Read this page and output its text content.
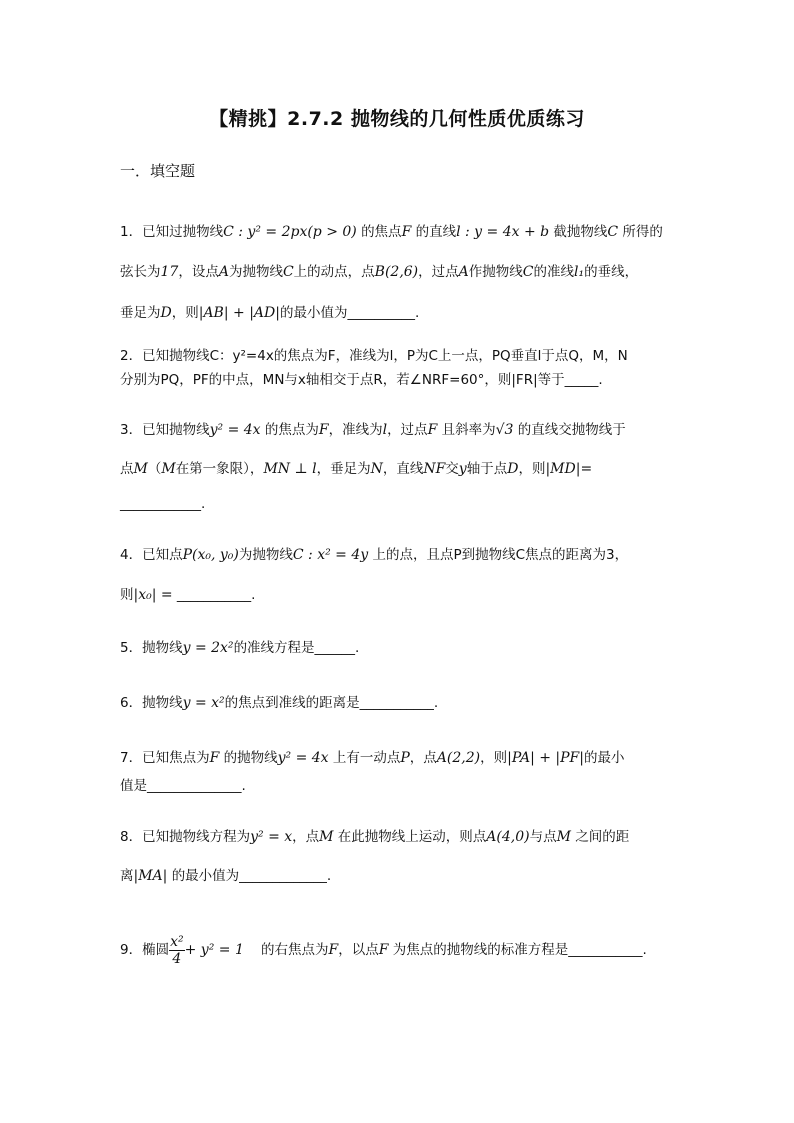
【精挑】2.7.2 抛物线的几何性质优质练习
一．填空题
1．已知过抛物线C : y² = 2px(p > 0) 的焦点F 的直线l : y = 4x + b 截抛物线C 所得的
弦长为17，设点A为抛物线C上的动点，点B(2,6)，过点A作抛物线C的准线l₁的垂线，
垂足为D，则|AB| + |AD|的最小值为__________.
2．已知抛物线C：y²=4x的焦点为F，准线为l，P为C上一点，PQ垂直l于点Q，M，N
分别为PQ，PF的中点，MN与x轴相交于点R，若∠NRF=60°，则|FR|等于_____.
3．已知抛物线y² = 4x 的焦点为F，准线为l，过点F 且斜率为√3 的直线交抛物线于
点M（M在第一象限），MN ⊥ l，垂足为N，直线NF交y轴于点D，则|MD|=
____________.
4．已知点P(x₀, y₀)为抛物线C : x² = 4y 上的点，且点P到抛物线C焦点的距离为3，
则|x₀| = ___________.
5．抛物线y = 2x²的准线方程是______.
6．抛物线y = x²的焦点到准线的距离是___________.
7．已知焦点为F 的抛物线y² = 4x 上有一动点P，点A(2,2)，则|PA| + |PF|的最小
值是______________.
8．已知抛物线方程为y² = x，点M 在此抛物线上运动，则点A(4,0)与点M 之间的距
离|MA| 的最小值为_____________.
9．椭圆 $\frac{\text{x²}}{4} + y^2 = 1$ 的右焦点为F，以点F 为焦点的抛物线的标准方程是___________.
